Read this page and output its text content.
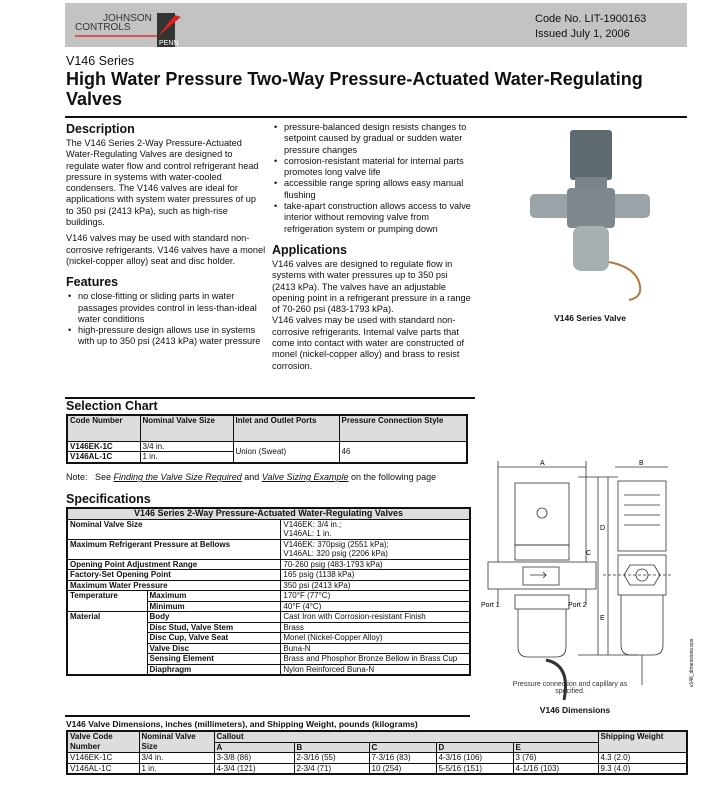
JOHNSON
CONTROLS
PENN
Code No. LIT-1900163
Issued July 1, 2006
V146 Series
High Water Pressure Two-Way Pressure-Actuated Water-Regulating Valves
Description

The V146 Series 2-Way Pressure-Actuated Water-Regulating Valves are designed to regulate water flow and control refrigerant head pressure in systems with water-cooled condensers. The V146 valves are ideal for applications with system water pressures of up to 350 psi (2413 kPa), such as high-rise buildings.

V146 valves may be used with standard non-corrosive refrigerants. V146 valves have a monel (nickel-copper alloy) seat and disc holder.

Features
• no close-fitting or sliding parts in water passages provides control in less-than-ideal water conditions
• high-pressure design allows use in systems with up to 350 psi (2413 kPa) water pressure
• pressure-balanced design resists changes to setpoint caused by gradual or sudden water pressure changes
• corrosion-resistant material for internal parts promotes long valve life
• accessible range spring allows easy manual flushing
• take-apart construction allows access to valve interior without removing valve from refrigeration system or pumping down
Applications
V146 valves are designed to regulate flow in systems with water pressures up to 350 psi (2413 kPa). The valves have an adjustable opening point in a refrigerant pressure in a range of 70-260 psi (483-1793 kPa).
V146 valves may be used with standard non-corrosive refrigerants. Internal valve parts that come into contact with water are constructed of monel (nickel-copper alloy) and brass to resist corrosion.
V146 Series Valve
Selection Chart
Code Number	Nominal Valve Size	Inlet and Outlet Ports	Pressure Connection Style
V146EK-1C	3/4 in.	Union (Sweat)	46
V146AL-1C	1 in.		
Note:   See Finding the Valve Size Required and Valve Sizing Example on the following page
Specifications
V146 Series 2-Way Pressure-Actuated Water-Regulating Valves		
Nominal Valve Size		V146EK: 3/4 in.;
V146AL: 1 in.

Maximum Refrigerant Pressure at Bellows		V146EK: 370psig (2551 kPa);
V146AL: 320 psig (2206 kPa)

Opening Point Adjustment Range		70-260 psig (483-1793 kPa)

Factory-Set Opening Point		165 psig (1138 kPa)

Maximum Water Pressure		350 psi (2413 kPa)

Temperature	Maximum	170°F (77°C)
	Minimum	40°F (4°C)
Material	Body	Cast Iron with Corrosion-resistant Finish
	Disc Stud, Valve Stem	Brass
	Disc Cup, Valve Seat	Monel (Nickel-Copper Alloy)
	Valve Disc	Buna-N
	Sensing Element	Brass and Phosphor Bronze Bellow in Brass Cup
	Diaphragm	Nylon Reinforced Buna-N
V146 Valve Dimensions, inches (millimeters), and Shipping Weight, pounds (kilograms)
Valve Code Number	Nominal Valve Size	Callout					Shipping Weight
		A	B	C	D	E	
V146EK-1C	3/4 in.	3-3/8 (86)	2-3/16 (55)	7-3/16 (83)	4-3/16 (106)	3 (76)	4.3 (2.0)
V146AL-1C	1 in.	4-3/4 (121)	2-3/4 (71)	10 (254)	5-5/16 (151)	4-1/16 (103)	9.3 (4.0)
A	B
C
D
E
Port 1	Port 2
v146_dimensions.eps
Pressure connection and capillary as specified.
V146 Dimensions
